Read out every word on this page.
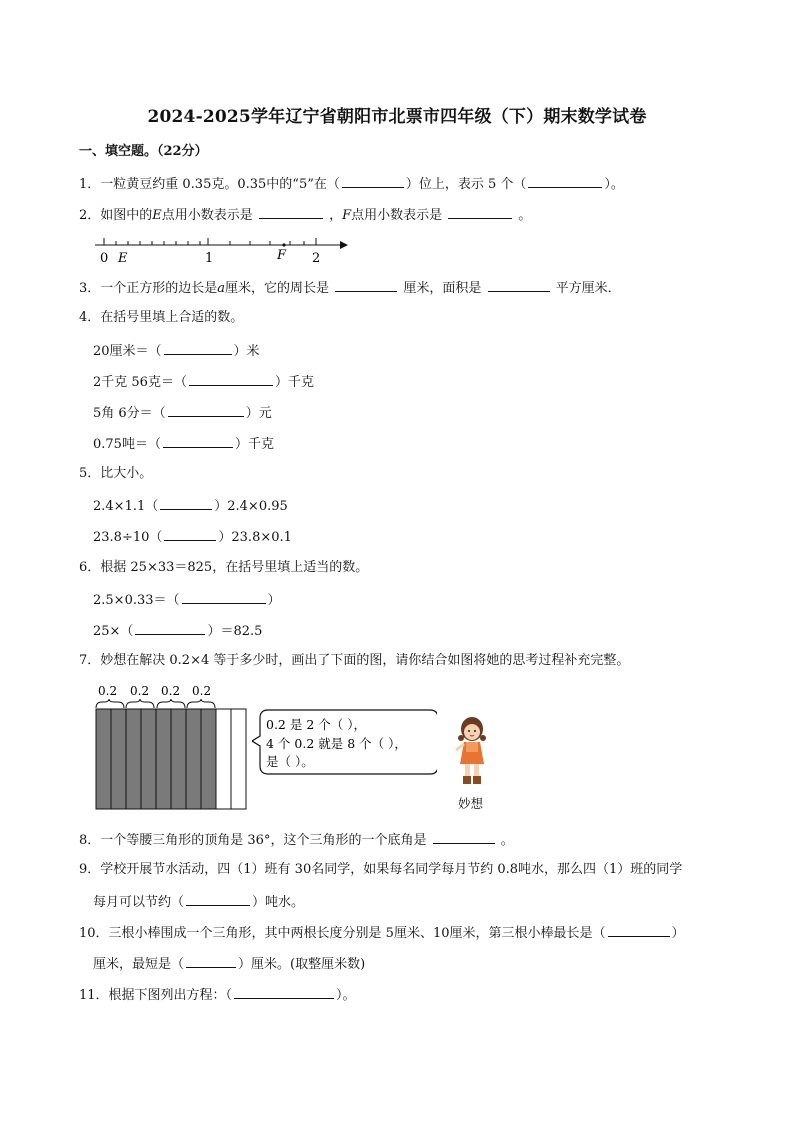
2024-2025学年辽宁省朝阳市北票市四年级（下）期末数学试卷
一、填空题。（22分）
1．一粒黄豆约重 0.35克。0.35中的“5”在（	）位上，表示 5 个（	）。
2．如图中的E点用小数表示是	，F点用小数表示是	。
0 E	1	F 2
3．一个正方形的边长是a厘米，它的周长是	厘米，面积是	平方厘米．
4．在括号里填上合适的数。
20厘米＝（	）米
2千克 56克＝（	）千克
5角 6分＝（	）元
0.75吨＝（	）千克
5．比大小。
2.4×1.1（	）2.4×0.95
23.8÷10（	）23.8×0.1
6．根据 25×33＝825，在括号里填上适当的数。
2.5×0.33＝（	）
25×（	）＝82.5
7．妙想在解决 0.2×4 等于多少时，画出了下面的图，请你结合如图将她的思考过程补充完整。
0.2 0.2 0.2 0.2
0.2 是 2 个（ ），
4 个 0.2 就是 8 个（ ），
是（ ）。
妙想
8．一个等腰三角形的顶角是 36°，这个三角形的一个底角是	。
9．学校开展节水活动，四（1）班有 30名同学，如果每名同学每月节约 0.8吨水，那么四（1）班的同学
每月可以节约（	）吨水。
10．三根小棒围成一个三角形，其中两根长度分别是 5厘米、10厘米，第三根小棒最长是（	）
厘米，最短是（	）厘米。(取整厘米数)
11．根据下图列出方程：（	）。
